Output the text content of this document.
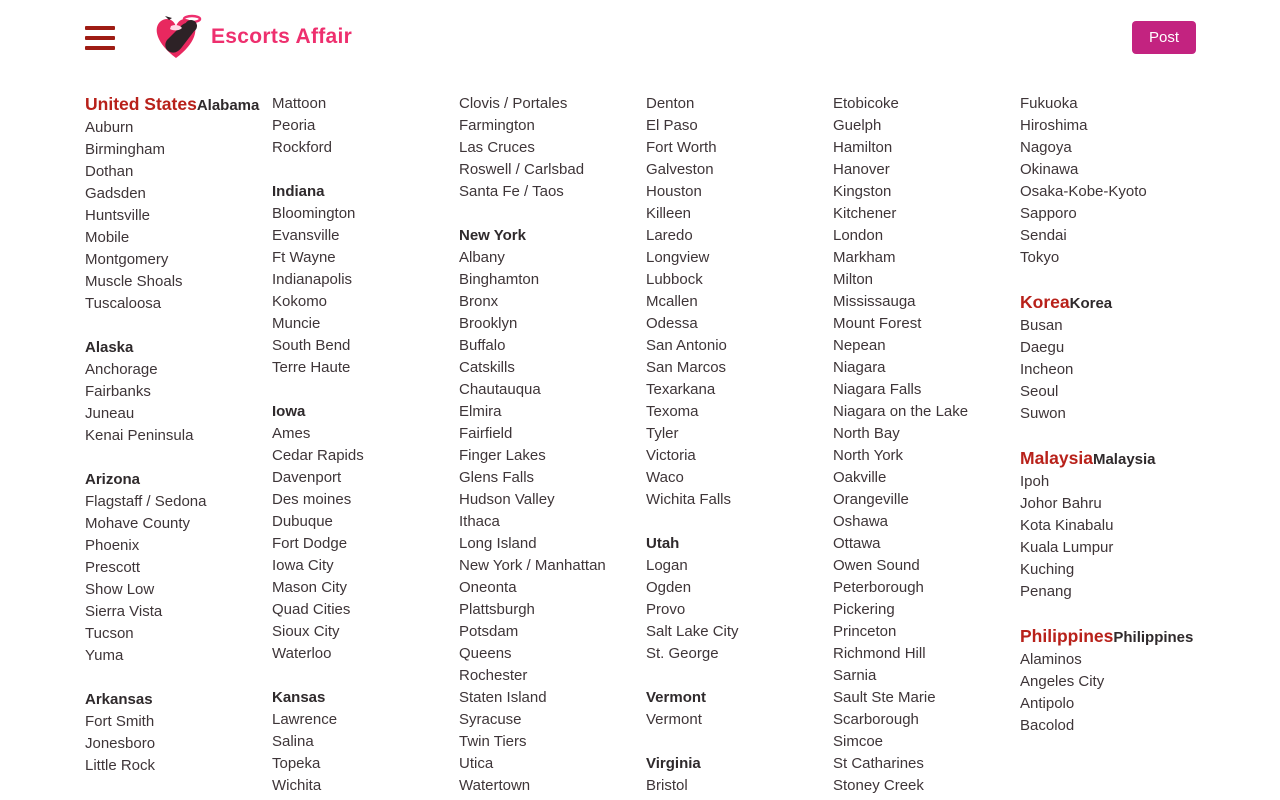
Escorts Affair	Post
United StatesAlabama
Auburn
Birmingham
Dothan
Gadsden
Huntsville
Mobile
Montgomery
Muscle Shoals
Tuscaloosa
Alaska
Anchorage
Fairbanks
Juneau
Kenai Peninsula
Arizona
Flagstaff / Sedona
Mohave County
Phoenix
Prescott
Show Low
Sierra Vista
Tucson
Yuma
Arkansas
Fort Smith
Jonesboro
Little Rock
Mattoon
Peoria
Rockford
Indiana
Bloomington
Evansville
Ft Wayne
Indianapolis
Kokomo
Muncie
South Bend
Terre Haute
Iowa
Ames
Cedar Rapids
Davenport
Des moines
Dubuque
Fort Dodge
Iowa City
Mason City
Quad Cities
Sioux City
Waterloo
Kansas
Lawrence
Salina
Topeka
Wichita
Clovis / Portales
Farmington
Las Cruces
Roswell / Carlsbad
Santa Fe / Taos
New York
Albany
Binghamton
Bronx
Brooklyn
Buffalo
Catskills
Chautauqua
Elmira
Fairfield
Finger Lakes
Glens Falls
Hudson Valley
Ithaca
Long Island
New York / Manhattan
Oneonta
Plattsburgh
Potsdam
Queens
Rochester
Staten Island
Syracuse
Twin Tiers
Utica
Watertown
Denton
El Paso
Fort Worth
Galveston
Houston
Killeen
Laredo
Longview
Lubbock
Mcallen
Odessa
San Antonio
San Marcos
Texarkana
Texoma
Tyler
Victoria
Waco
Wichita Falls
Utah
Logan
Ogden
Provo
Salt Lake City
St. George
Vermont
Vermont
Virginia
Bristol
Etobicoke
Guelph
Hamilton
Hanover
Kingston
Kitchener
London
Markham
Milton
Mississauga
Mount Forest
Nepean
Niagara
Niagara Falls
Niagara on the Lake
North Bay
North York
Oakville
Orangeville
Oshawa
Ottawa
Owen Sound
Peterborough
Pickering
Princeton
Richmond Hill
Sarnia
Sault Ste Marie
Scarborough
Simcoe
St Catharines
Stoney Creek
Fukuoka
Hiroshima
Nagoya
Okinawa
Osaka-Kobe-Kyoto
Sapporo
Sendai
Tokyo
KoreaKorea
Busan
Daegu
Incheon
Seoul
Suwon
MalaysiaMalaysia
Ipoh
Johor Bahru
Kota Kinabalu
Kuala Lumpur
Kuching
Penang
PhilippinesPhilippines
Alaminos
Angeles City
Antipolo
Bacolod
